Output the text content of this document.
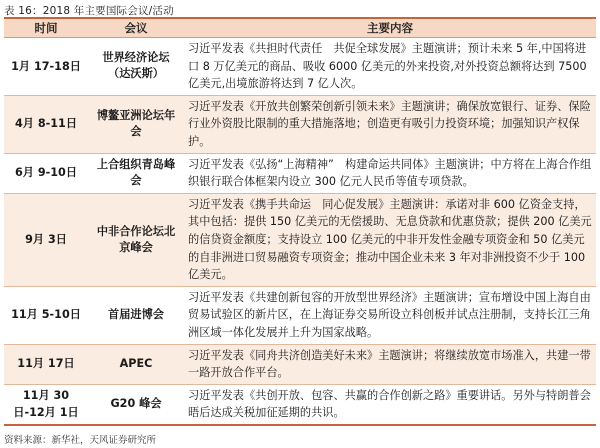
表 16：2018 年主要国际会议/活动
时间	会议	主要内容
1月 17-18日	世界经济论坛（达沃斯）	习近平发表《共担时代责任　共促全球发展》主题演讲；预计未来 5 年,中国将进口 8 万亿美元的商品、吸收 6000 亿美元的外来投资,对外投资总额将达到 7500 亿美元,出境旅游将达到 7 亿人次。
4月 8-11日	博鳌亚洲论坛年会	习近平发表《开放共创繁荣创新引领未来》主题演讲；确保放宽银行、证券、保险行业外资股比限制的重大措施落地；创造更有吸引力投资环境；加强知识产权保护。
6月 9-10日	上合组织青岛峰会	习近平发表《弘扬“上海精神”　构建命运共同体》主题演讲；中方将在上海合作组织银行联合体框架内设立 300 亿元人民币等值专项贷款。
9月 3日	中非合作论坛北京峰会	习近平发表《携手共命运　同心促发展》主题演讲：承诺对非 600 亿资金支持，其中包括：提供 150 亿美元的无偿援助、无息贷款和优惠贷款；提供 200 亿美元的信贷资金额度；支持设立 100 亿美元的中非开发性金融专项资金和 50 亿美元的自非洲进口贸易融资专项资金；推动中国企业未来 3 年对非洲投资不少于 100 亿美元。
11月 5-10日	首届进博会	习近平发表《共建创新包容的开放型世界经济》主题演讲；宣布增设中国上海自由贸易试验区的新片区，在上海证券交易所设立科创板并试点注册制，支持长江三角洲区域一体化发展并上升为国家战略。
11月 17日	APEC	习近平发表《同舟共济创造美好未来》主题演讲；将继续放宽市场准入，共建一带一路开放合作平台。
11月 30日-12月 1日	G20 峰会	习近平发表《共创开放、包容、共赢的合作创新之路》重要讲话。另外与特朗普会晤后达成关税加征延期的共识。
资料来源：新华社，天风证券研究所
